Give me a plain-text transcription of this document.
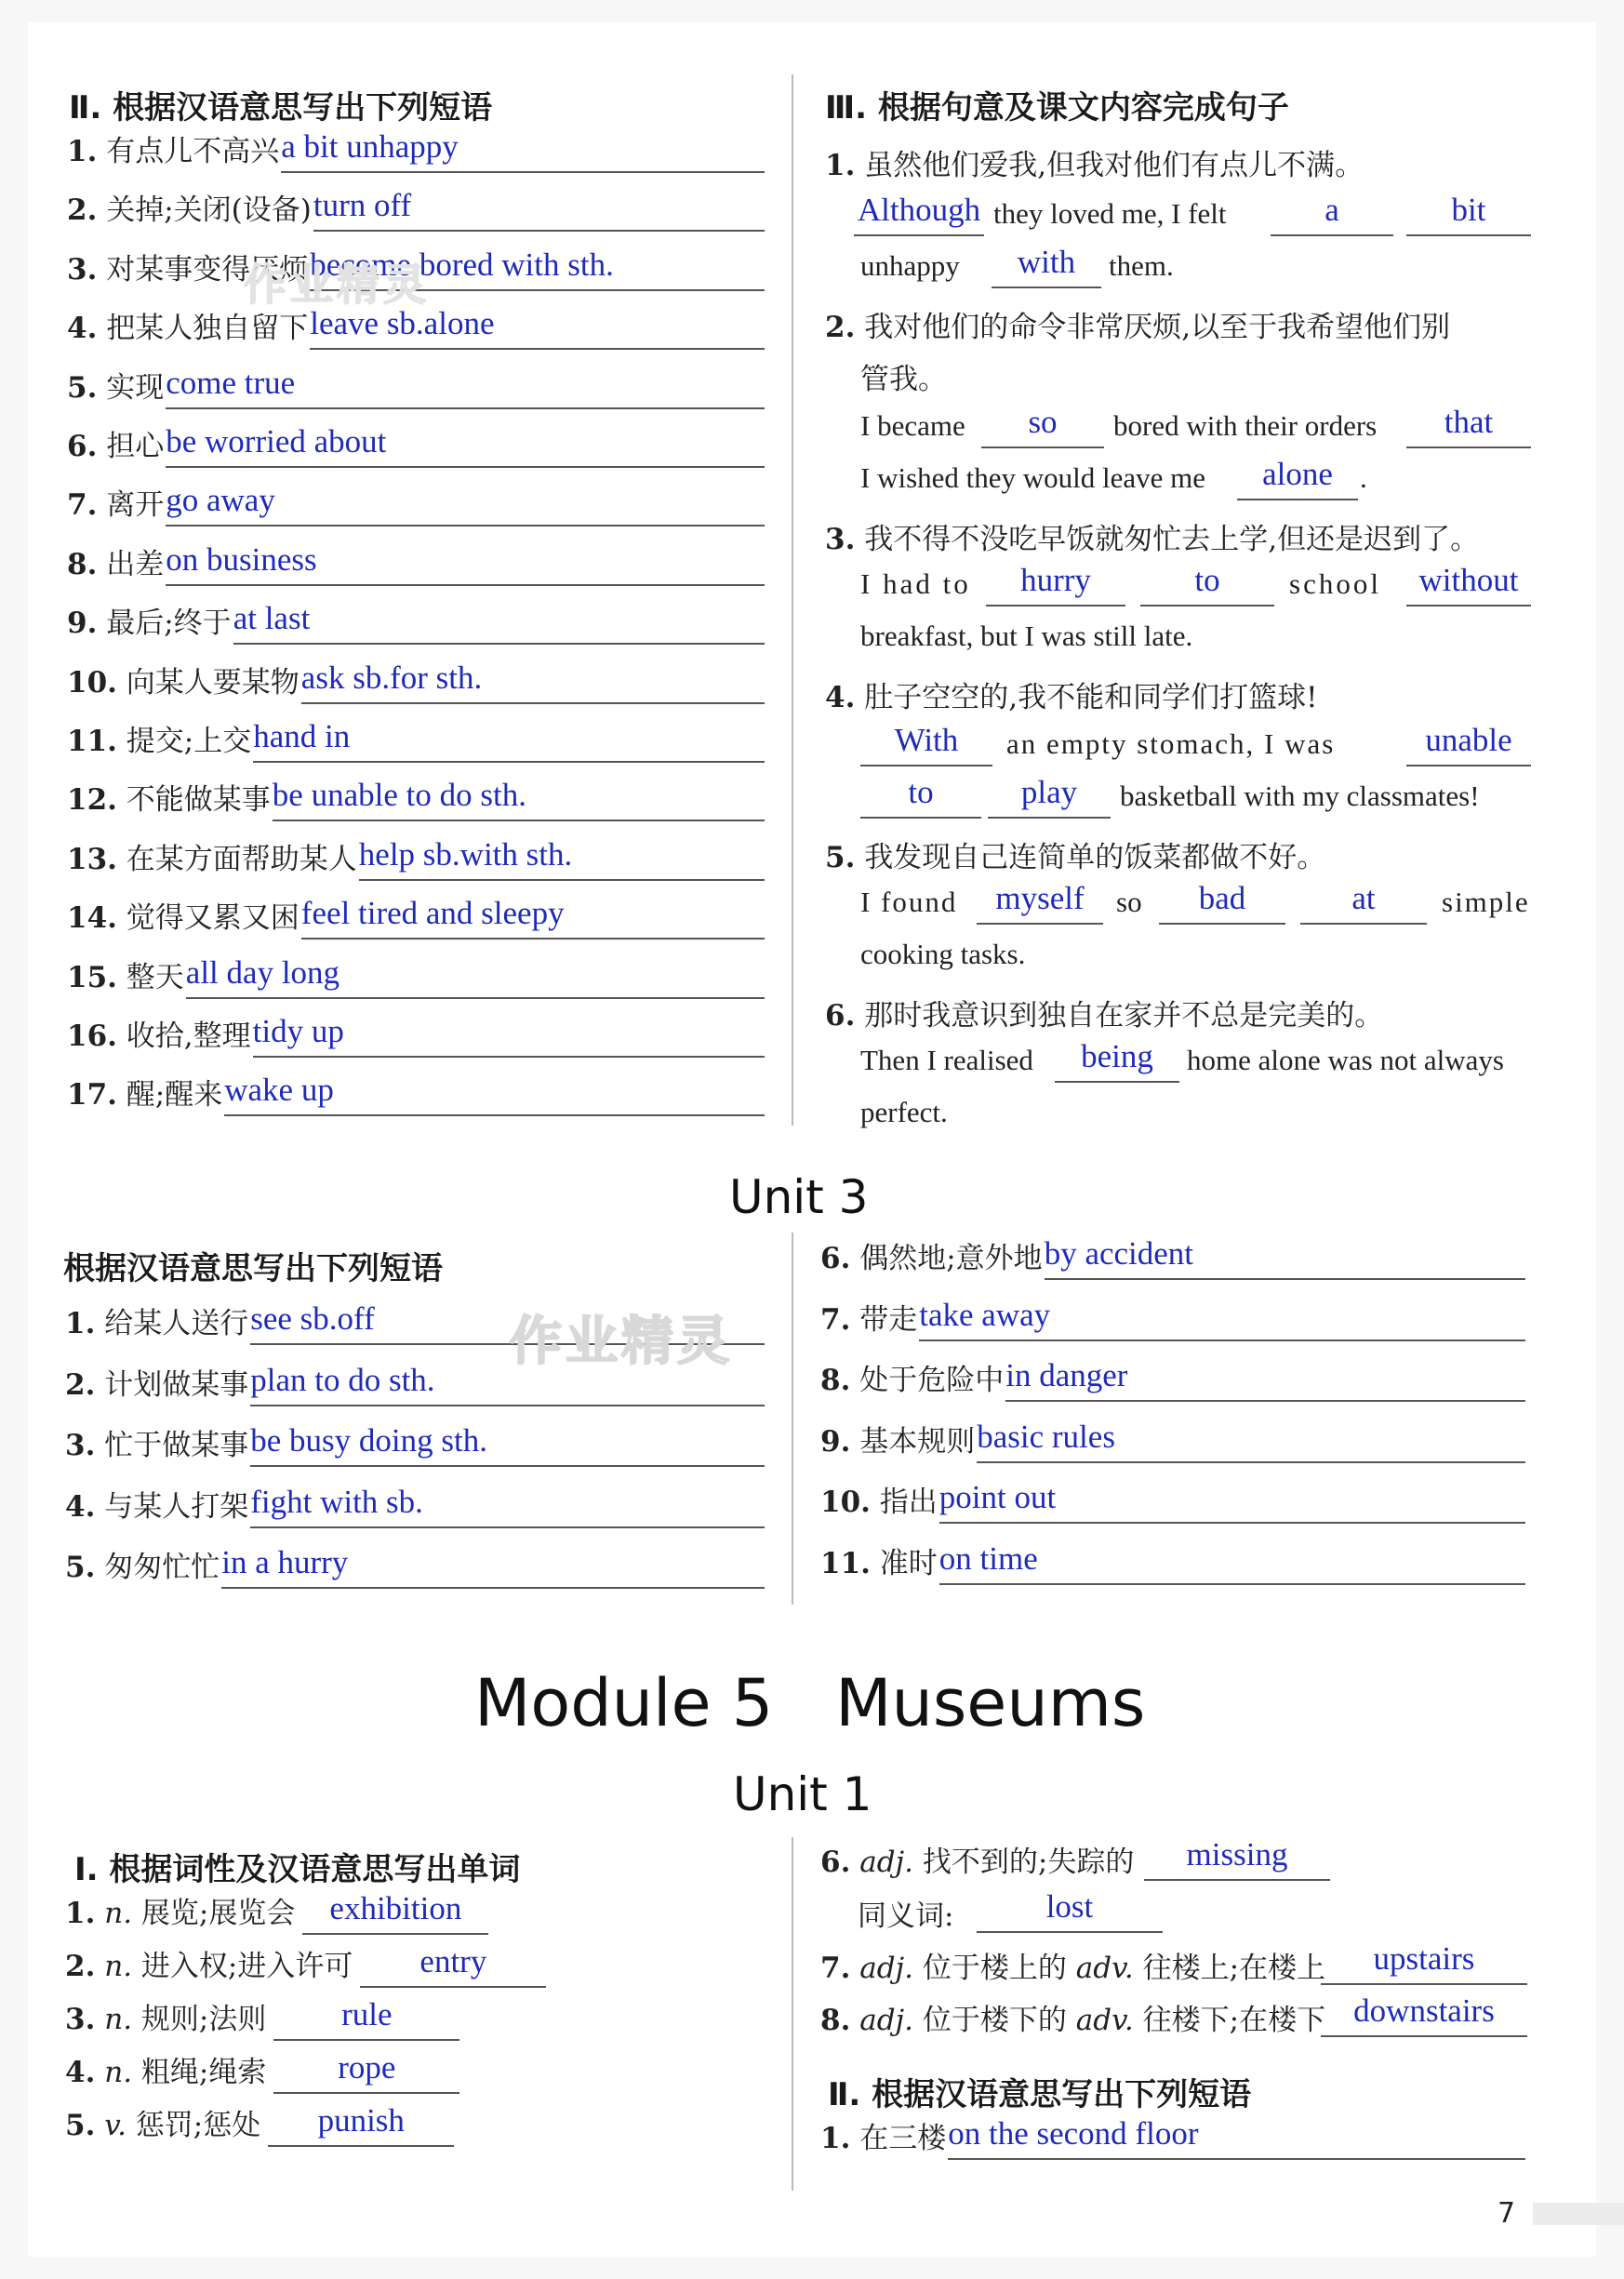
Ⅱ. 根据汉语意思写出下列短语
1. 有点儿不高兴 a bit unhappy
2. 关掉;关闭(设备) turn off
3. 对某事变得厌烦 become bored with sth.
4. 把某人独自留下 leave sb.alone
5. 实现 come true
6. 担心 be worried about
7. 离开 go away
8. 出差 on business
9. 最后;终于 at last
10. 向某人要某物 ask sb.for sth.
11. 提交;上交 hand in
12. 不能做某事 be unable to do sth.
13. 在某方面帮助某人 help sb.with sth.
14. 觉得又累又困 feel tired and sleepy
15. 整天 all day long
16. 收拾,整理 tidy up
17. 醒;醒来 wake up
Ⅲ. 根据句意及课文内容完成句子
1. 虽然他们爱我,但我对他们有点儿不满。
Although they loved me, I felt	a	bit
unhappy	with	them.
2. 我对他们的命令非常厌烦,以至于我希望他们别
管我。
I became	so	bored with their orders	that
I wished they would leave me	alone .
3. 我不得不没吃早饭就匆忙去上学,但还是迟到了。
I had to	hurry	to	school	without
breakfast, but I was still late.
4. 肚子空空的,我不能和同学们打篮球!
With	an empty stomach, I was	unable
to	play	basketball with my classmates!
5. 我发现自己连简单的饭菜都做不好。
I found	myself	so	bad	at	simple
cooking tasks.
6. 那时我意识到独自在家并不总是完美的。
Then I realised	being	home alone was not always
perfect.
Unit 3
根据汉语意思写出下列短语
1. 给某人送行 see sb.off
2. 计划做某事 plan to do sth.
3. 忙于做某事 be busy doing sth.
4. 与某人打架 fight with sb.
5. 匆匆忙忙 in a hurry
6. 偶然地;意外地 by accident
7. 带走 take away
8. 处于危险中 in danger
9. 基本规则 basic rules
10. 指出 point out
11. 准时 on time
作业精灵
作业精灵
Module 5   Museums
Unit 1
Ⅰ. 根据词性及汉语意思写出单词
1. n. 展览;展览会	exhibition
2. n. 进入权;进入许可	entry
3. n. 规则;法则	rule
4. n. 粗绳;绳索	rope
5. v. 惩罚;惩处	punish
6. adj. 找不到的;失踪的	missing
同义词:	lost
7. adj. 位于楼上的 adv. 往楼上;在楼上	upstairs
8. adj. 位于楼下的 adv. 往楼下;在楼下 downstairs
Ⅱ. 根据汉语意思写出下列短语
1. 在三楼 on the second floor
7
